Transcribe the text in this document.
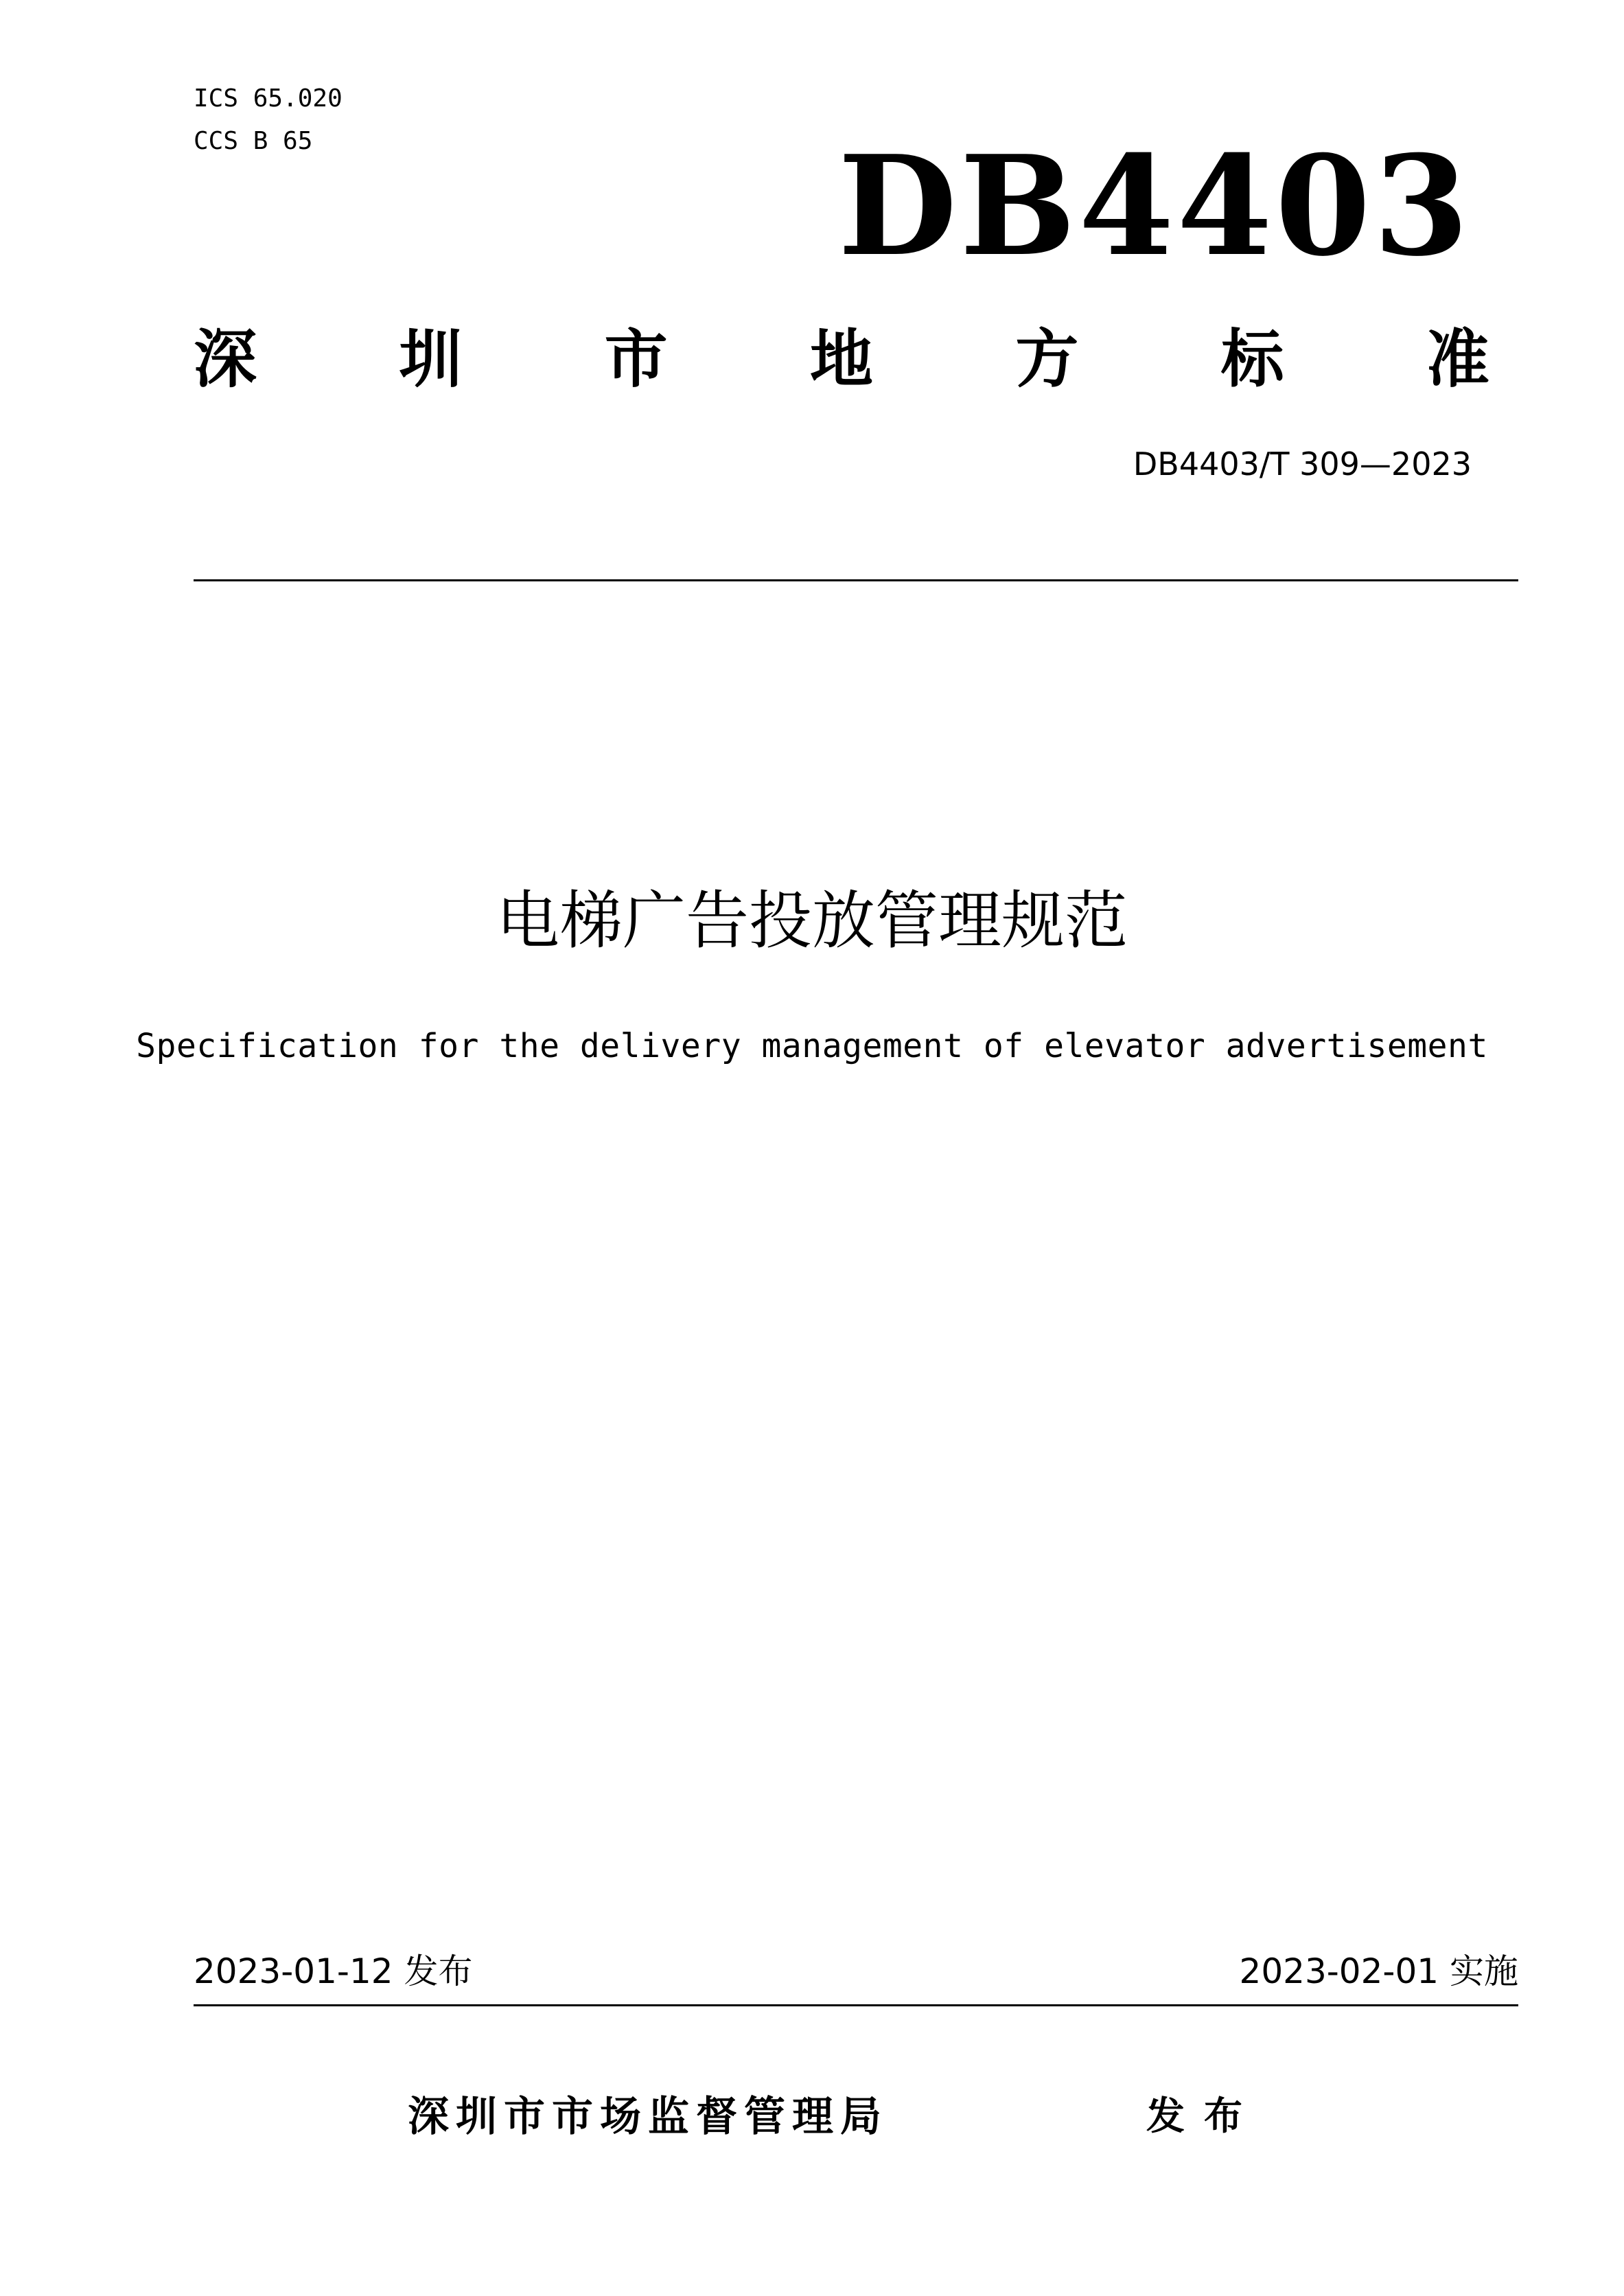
ICS 65.020
CCS B 65	DB4403
深 圳 市 地 方 标 准
DB4403/T 309—2023
电梯广告投放管理规范
Specification for the delivery management of elevator advertisement
2023-01-12 发布	2023-02-01 实施
深圳市市场监督管理局	发布
